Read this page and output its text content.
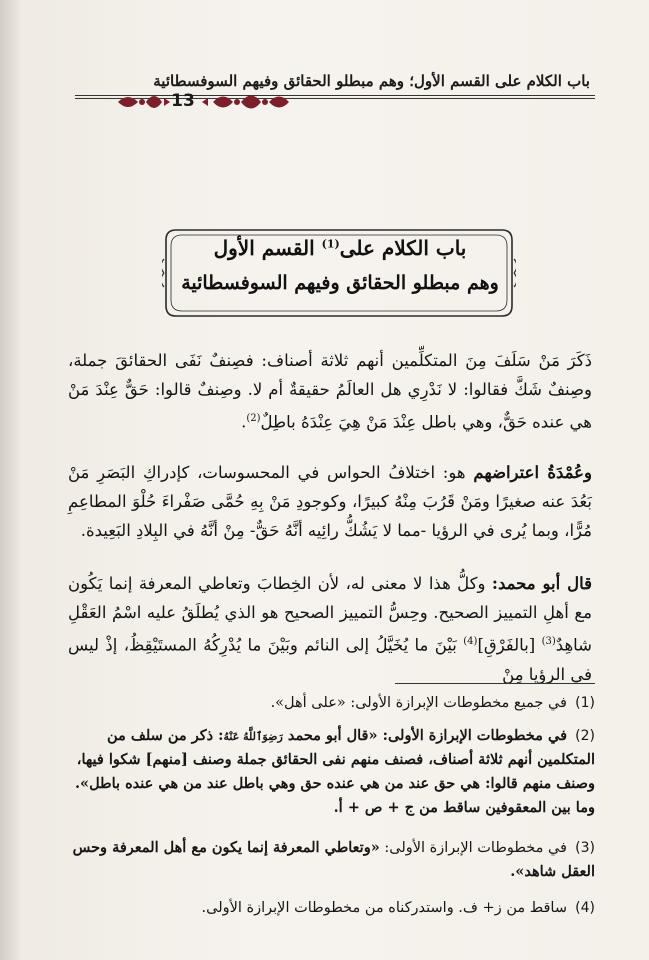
باب الكلام على القسم الأول؛ وهم مبطلو الحقائق وفيهم السوفسطائية
13
باب الكلام على$^{(1)}$ القسم الأول
وهم مبطلو الحقائق وفيهم السوفسطائية
ذَكَرَ مَنْ سَلَفَ مِنَ المتكلِّمين أنهم ثلاثة أصناف: فصِنفٌ نَفَى الحقائقَ جملة، وصِنفٌ شَكَّ فقالوا: لا نَدْرِي هل العالَمُ حقيقةٌ أم لا. وصِنفٌ قالوا: حَقٌّ عِنْدَ مَنْ هي عنده حَقٌّ، وهي باطل عِنْدَ مَنْ هِيَ عِنْدَهُ باطِلٌ$^{(2)}$.
وعُمْدَةُ اعتراضهم هو: اختلافُ الحواس في المحسوسات، كإدراكِ البَصَرِ مَنْ بَعُدَ عنه صغيرًا ومَنْ قَرُبَ مِنْهُ كبيرًا، وكوجودِ مَنْ بِهِ حُمَّى صَفْراءَ حُلْوَ المطاعِمِ مُرًّا، وبما يُرى في الرؤيا -مما لا يَشُكُّ رائِيه أنَّهُ حَقٌّ- مِنْ أنَّهُ في البِلادِ البَعِيدة.
قال أبو محمد: وكلُّ هذا لا معنى له، لأن الخِطابَ وتعاطي المعرفة إنما يَكُون مع أهلِ التمييز الصحيح. وحِسُّ التمييز الصحيح هو الذي يُطلَقُ عليه اسْمُ العَقْلِ شاهِدٌ$^{(3)}$ [بالفَرْقِ]$^{(4)}$ بَيْنَ ما يُخَيَّلُ إلى النائم وبَيْنَ ما يُدْرِكُهُ المستَيْقِظُ، إذْ ليس في الرؤيا مِنْ
(1)في جميع مخطوطات الإبرازة الأولى: «على أهل».
(2)في مخطوطات الإبرازة الأولى: «قال أبو محمد رَضِوَٱللَّهُ عَنْهُ: ذكر من سلف من المتكلمين أنهم ثلاثة أصناف، فصنف منهم نفى الحقائق جملة وصنف [منهم] شكوا فيها، وصنف منهم قالوا: هي حق عند من هي عنده حق وهي باطل عند من هي عنده باطل». وما بين المعقوفين ساقط من ج + ص + أ.
(3)في مخطوطات الإبرازة الأولى: «وتعاطي المعرفة إنما يكون مع أهل المعرفة وحس العقل شاهد».
(4)ساقط من ز+ ف. واستدركناه من مخطوطات الإبرازة الأولى.
